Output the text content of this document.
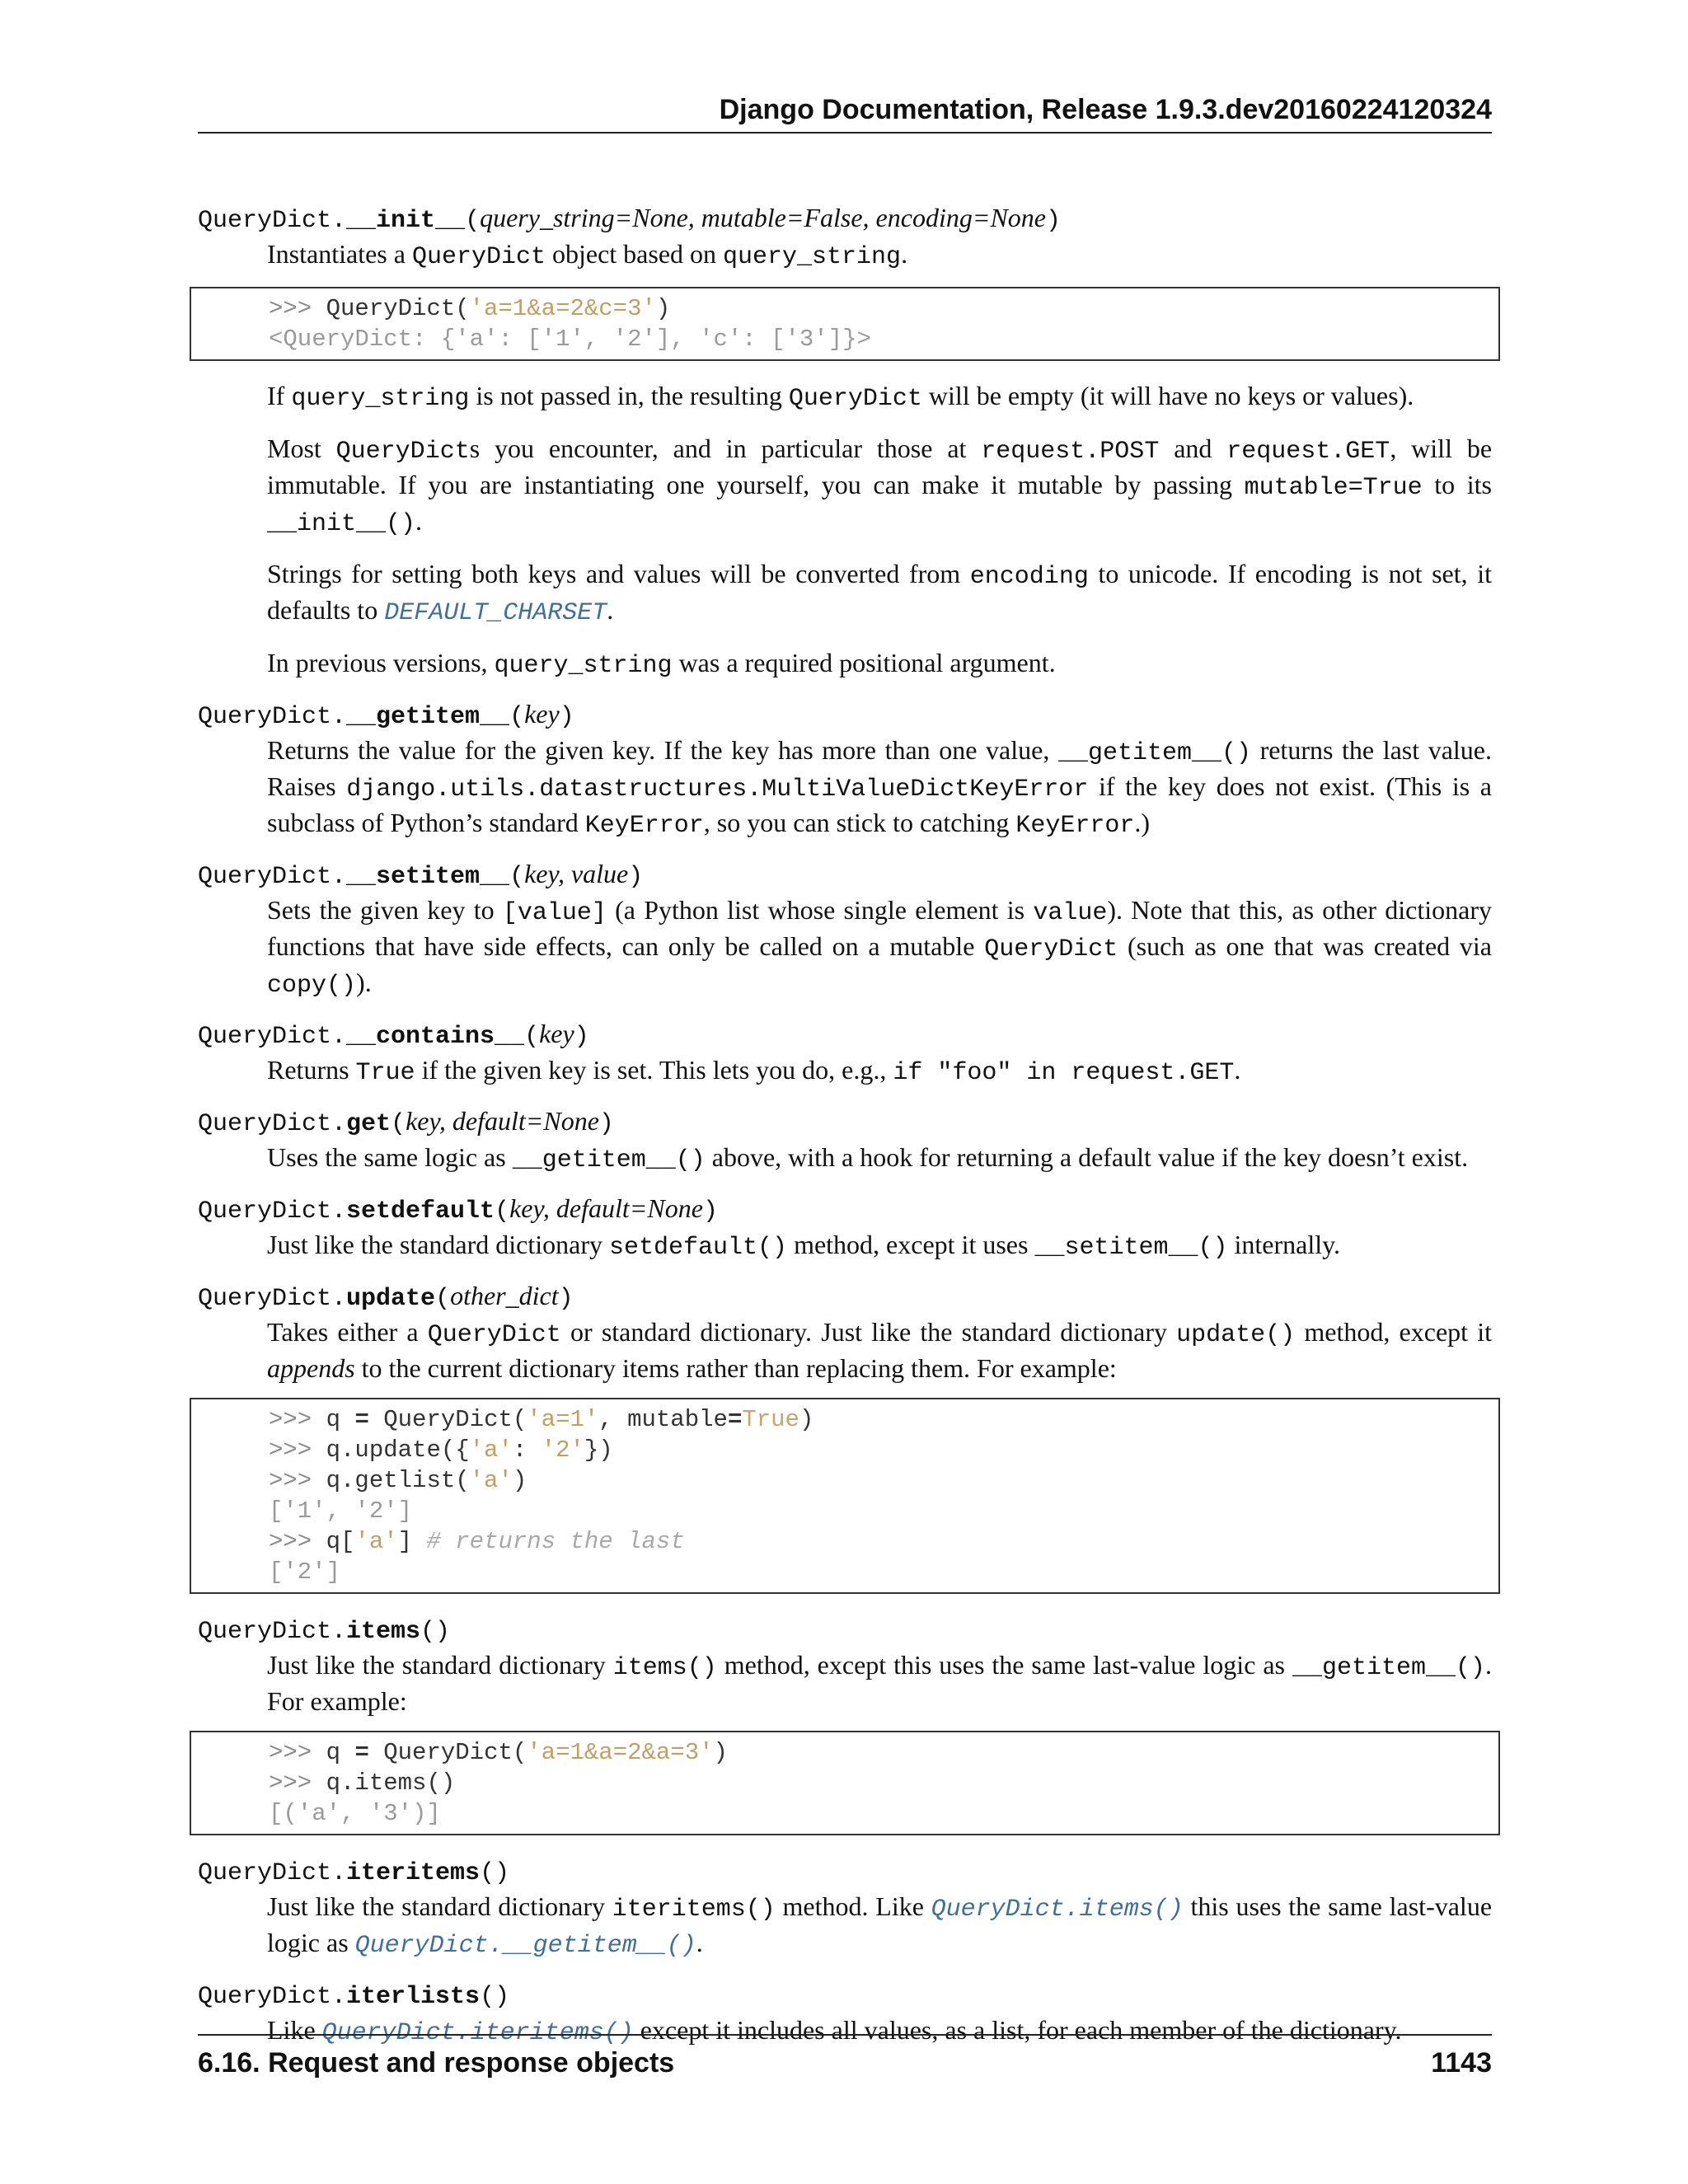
Django Documentation, Release 1.9.3.dev20160224120324
QueryDict.__init__(query_string=None, mutable=False, encoding=None)

Instantiates a QueryDict object based on query_string.

>>> QueryDict('a=1&a=2&c=3')
<QueryDict: {'a': ['1', '2'], 'c': ['3']}>

If query_string is not passed in, the resulting QueryDict will be empty (it will have no keys or values).

Most QueryDicts you encounter, and in particular those at request.POST and request.GET, will be immutable. If you are instantiating one yourself, you can make it mutable by passing mutable=True to its __init__().

Strings for setting both keys and values will be converted from encoding to unicode. If encoding is not set, it defaults to DEFAULT_CHARSET.

In previous versions, query_string was a required positional argument.

QueryDict.__getitem__(key)

Returns the value for the given key. If the key has more than one value, __getitem__() returns the last value. Raises django.utils.datastructures.MultiValueDictKeyError if the key does not exist. (This is a subclass of Python’s standard KeyError, so you can stick to catching KeyError.)

QueryDict.__setitem__(key, value)

Sets the given key to [value] (a Python list whose single element is value). Note that this, as other dictionary functions that have side effects, can only be called on a mutable QueryDict (such as one that was created via copy()).

QueryDict.__contains__(key)

Returns True if the given key is set. This lets you do, e.g., if "foo" in request.GET.

QueryDict.get(key, default=None)

Uses the same logic as __getitem__() above, with a hook for returning a default value if the key doesn’t exist.

QueryDict.setdefault(key, default=None)

Just like the standard dictionary setdefault() method, except it uses __setitem__() internally.

QueryDict.update(other_dict)

Takes either a QueryDict or standard dictionary. Just like the standard dictionary update() method, except it appends to the current dictionary items rather than replacing them. For example:

>>> q = QueryDict('a=1', mutable=True)
>>> q.update({'a': '2'})
>>> q.getlist('a')
['1', '2']
>>> q['a'] # returns the last
['2']
QueryDict.items()

Just like the standard dictionary items() method, except this uses the same last-value logic as __getitem__(). For example:

>>> q = QueryDict('a=1&a=2&a=3')
>>> q.items()
[('a', '3')]
QueryDict.iteritems()

Just like the standard dictionary iteritems() method. Like QueryDict.items() this uses the same last-value logic as QueryDict.__getitem__().

QueryDict.iterlists()

Like QueryDict.iteritems() except it includes all values, as a list, for each member of the dictionary.

6.16. Request and response objects	1143
